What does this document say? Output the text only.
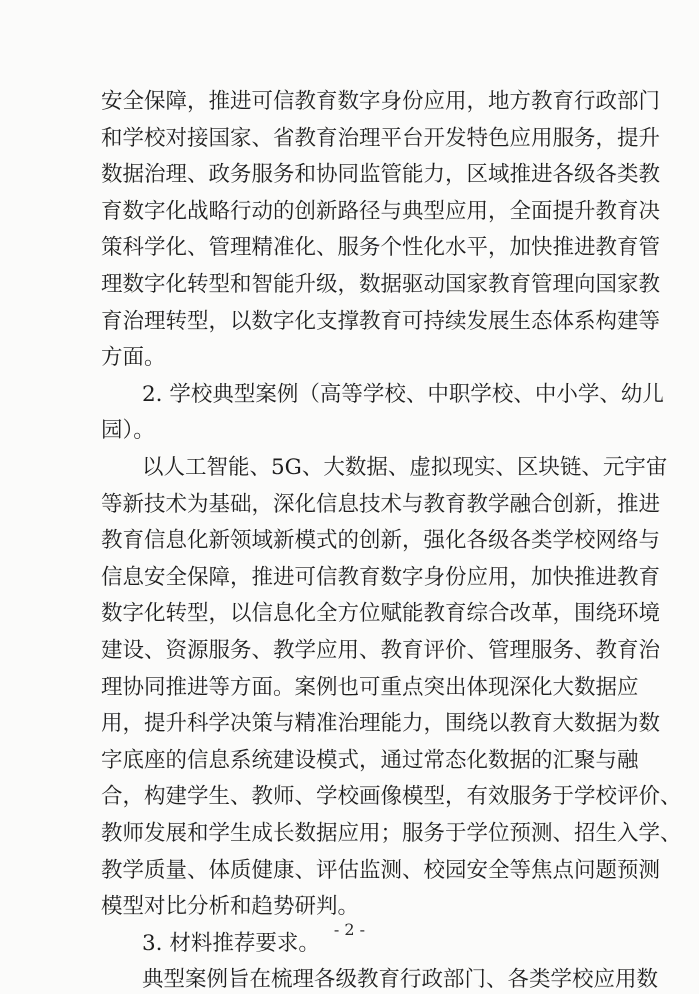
安全保障，推进可信教育数字身份应用，地方教育行政部门
和学校对接国家、省教育治理平台开发特色应用服务，提升
数据治理、政务服务和协同监管能力，区域推进各级各类教
育数字化战略行动的创新路径与典型应用，全面提升教育决
策科学化、管理精准化、服务个性化水平，加快推进教育管
理数字化转型和智能升级，数据驱动国家教育管理向国家教
育治理转型，以数字化支撑教育可持续发展生态体系构建等
方面。
2. 学校典型案例（高等学校、中职学校、中小学、幼儿
园）。
以人工智能、5G、大数据、虚拟现实、区块链、元宇宙
等新技术为基础，深化信息技术与教育教学融合创新，推进
教育信息化新领域新模式的创新，强化各级各类学校网络与
信息安全保障，推进可信教育数字身份应用，加快推进教育
数字化转型，以信息化全方位赋能教育综合改革，围绕环境
建设、资源服务、教学应用、教育评价、管理服务、教育治
理协同推进等方面。案例也可重点突出体现深化大数据应
用，提升科学决策与精准治理能力，围绕以教育大数据为数
字底座的信息系统建设模式，通过常态化数据的汇聚与融
合，构建学生、教师、学校画像模型，有效服务于学校评价、
教师发展和学生成长数据应用；服务于学位预测、招生入学、
教学质量、体质健康、评估监测、校园安全等焦点问题预测
模型对比分析和趋势研判。
3. 材料推荐要求。
典型案例旨在梳理各级教育行政部门、各类学校应用数
- 2 -
